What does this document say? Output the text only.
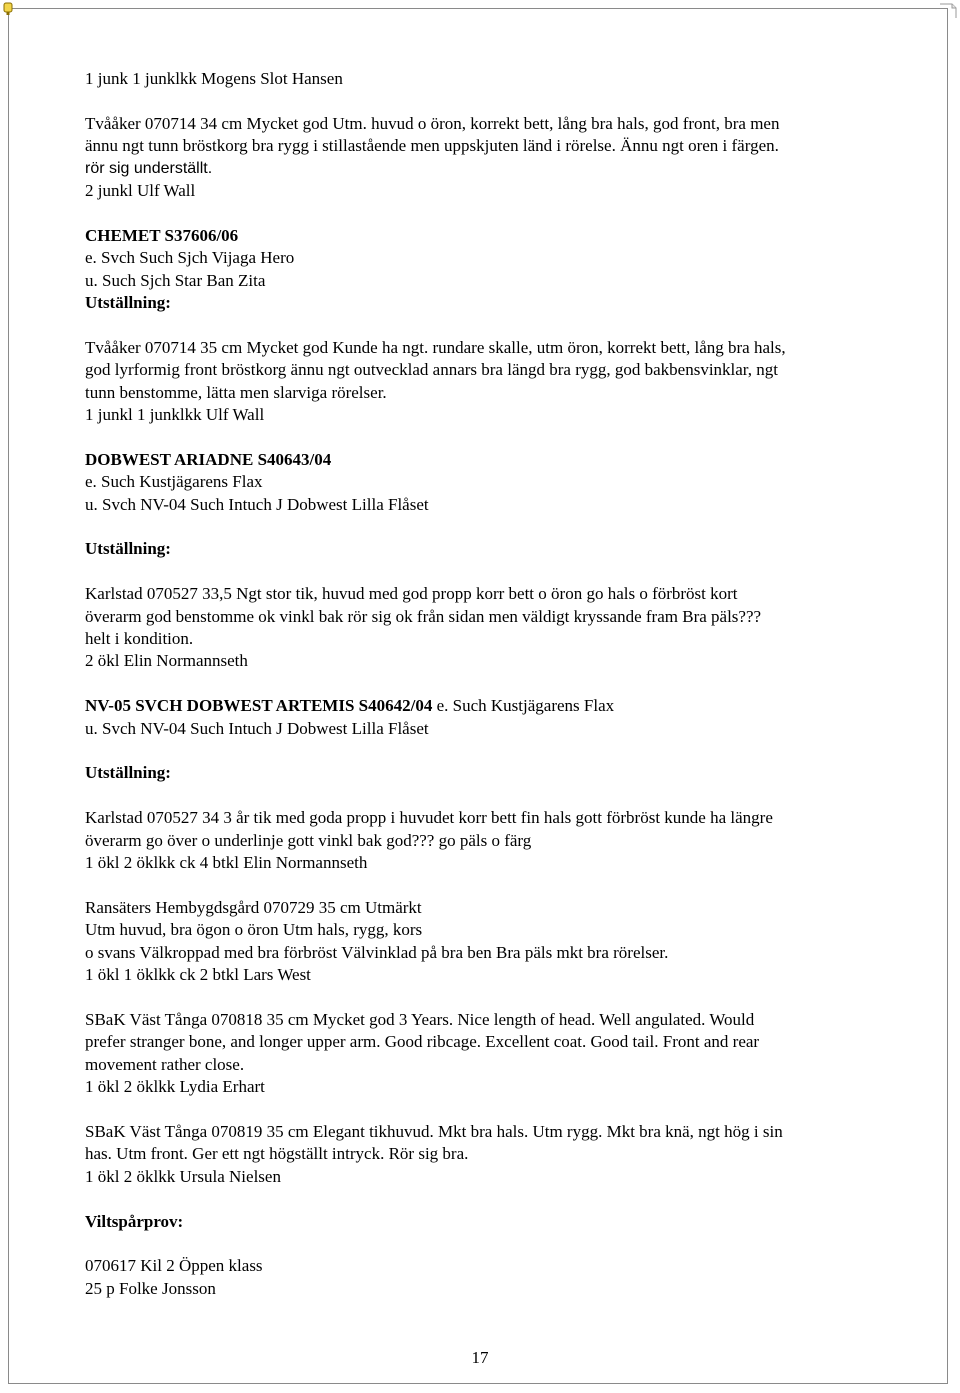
1 junk 1 junklkk Mogens Slot Hansen

Tvååker 070714 34 cm Mycket god Utm. huvud o öron, korrekt bett, lång bra hals, god front, bra men

ännu ngt tunn bröstkorg bra rygg i stillastående men uppskjuten länd i rörelse. Ännu ngt oren i färgen.

rör sig underställt.

2 junkl Ulf Wall

CHEMET S37606/06

e. Svch Such Sjch Vijaga Hero

u. Such Sjch Star Ban Zita

Utställning:

Tvååker 070714 35 cm Mycket god Kunde ha ngt. rundare skalle, utm öron, korrekt bett, lång bra hals,

god lyrformig front bröstkorg ännu ngt outvecklad annars bra längd bra rygg, god bakbensvinklar, ngt

tunn benstomme, lätta men slarviga rörelser.

1 junkl 1 junklkk Ulf Wall

DOBWEST ARIADNE S40643/04

e. Such Kustjägarens Flax

u. Svch NV-04 Such Intuch J Dobwest Lilla Flåset

Utställning:

Karlstad 070527 33,5 Ngt stor tik, huvud med god propp korr bett o öron go hals o förbröst kort

överarm god benstomme ok vinkl bak rör sig ok från sidan men väldigt kryssande fram Bra päls???

helt i kondition.

2 ökl Elin Normannseth

NV-05 SVCH DOBWEST ARTEMIS S40642/04 e. Such Kustjägarens Flax

u. Svch NV-04 Such Intuch J Dobwest Lilla Flåset

Utställning:

Karlstad 070527 34 3 år tik med goda propp i huvudet korr bett fin hals gott förbröst kunde ha längre

överarm go över o underlinje gott vinkl bak god??? go päls o färg

1 ökl 2 öklkk ck 4 btkl Elin Normannseth

Ransäters Hembygdsgård 070729 35 cm Utmärkt

Utm huvud, bra ögon o öron Utm hals, rygg, kors

o svans Välkroppad med bra förbröst Välvinklad på bra ben Bra päls mkt bra rörelser.

1 ökl 1 öklkk ck 2 btkl Lars West

SBaK Väst Tånga 070818 35 cm Mycket god 3 Years. Nice length of head. Well angulated. Would

prefer stranger bone, and longer upper arm. Good ribcage. Excellent coat. Good tail. Front and rear

movement rather close.

1 ökl 2 öklkk Lydia Erhart

SBaK Väst Tånga 070819 35 cm Elegant tikhuvud. Mkt bra hals. Utm rygg. Mkt bra knä, ngt hög i sin

has. Utm front. Ger ett ngt högställt intryck. Rör sig bra.

1 ökl 2 öklkk Ursula Nielsen

Viltspårprov:

070617 Kil 2 Öppen klass

25 p Folke Jonsson

17
